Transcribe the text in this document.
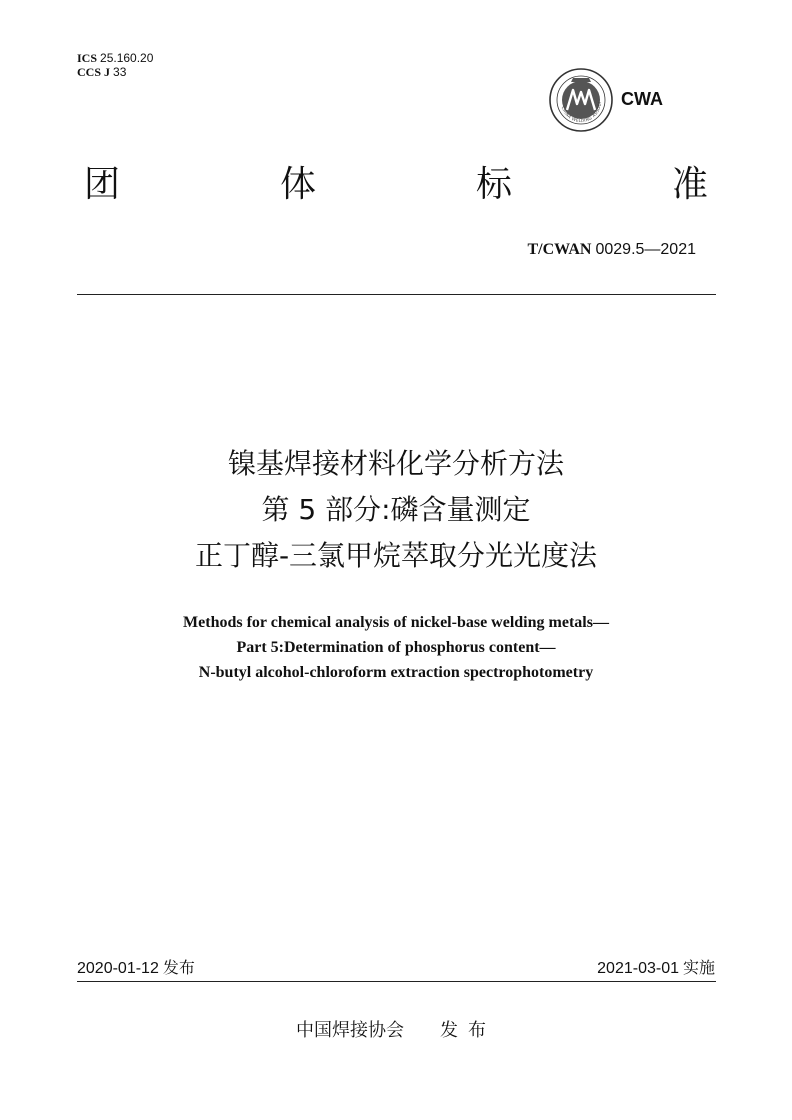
ICS 25.160.20
CCS J 33
CHINA WELDING ASSOCI CWA
团	体	标	准
T/CWAN 0029.5—2021
镍基焊接材料化学分析方法
第 5 部分:磷含量测定
正丁醇-三氯甲烷萃取分光光度法
Methods for chemical analysis of nickel-base welding metals—
Part 5:Determination of phosphorus content—
N-butyl alcohol-chloroform extraction spectrophotometry
2020-01-12 发布	2021-03-01 实施
中国焊接协会 发布
